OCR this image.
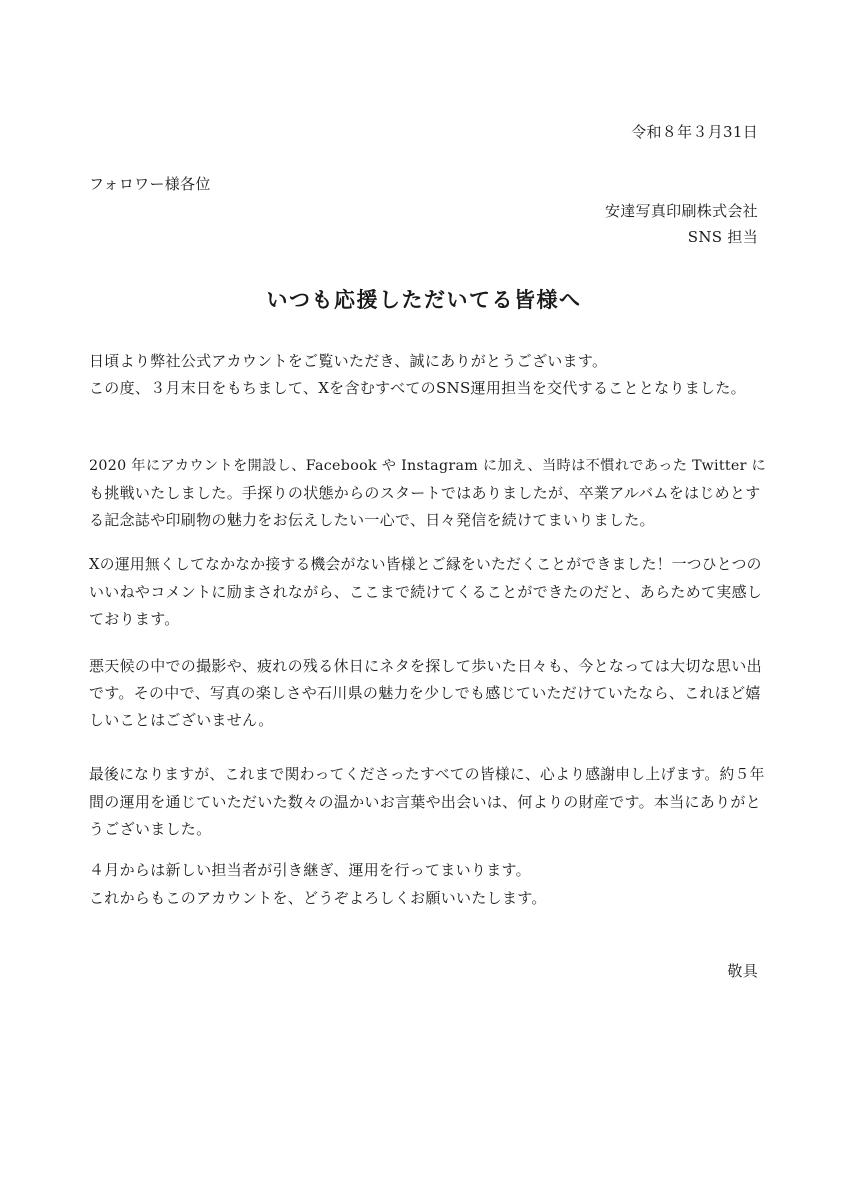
令和８年３月31日
フォロワー様各位
安達写真印刷株式会社
SNS 担当
いつも応援しただいてる皆様へ
日頃より弊社公式アカウントをご覧いただき、誠にありがとうございます。
この度、３月末日をもちまして、Xを含むすべてのSNS運用担当を交代することとなりました。
2020 年にアカウントを開設し、Facebook や Instagram に加え、当時は不慣れであった Twitter に
も挑戦いたしました。手探りの状態からのスタートではありましたが、卒業アルバムをはじめとす
る記念誌や印刷物の魅力をお伝えしたい一心で、日々発信を続けてまいりました。
Xの運用無くしてなかなか接する機会がない皆様とご縁をいただくことができました！一つひとつの
いいねやコメントに励まされながら、ここまで続けてくることができたのだと、あらためて実感し
ております。
悪天候の中での撮影や、疲れの残る休日にネタを探して歩いた日々も、今となっては大切な思い出
です。その中で、写真の楽しさや石川県の魅力を少しでも感じていただけていたなら、これほど嬉
しいことはございません。
最後になりますが、これまで関わってくださったすべての皆様に、心より感謝申し上げます。約５年
間の運用を通じていただいた数々の温かいお言葉や出会いは、何よりの財産です。本当にありがと
うございました。
４月からは新しい担当者が引き継ぎ、運用を行ってまいります。
これからもこのアカウントを、どうぞよろしくお願いいたします。
敬具
